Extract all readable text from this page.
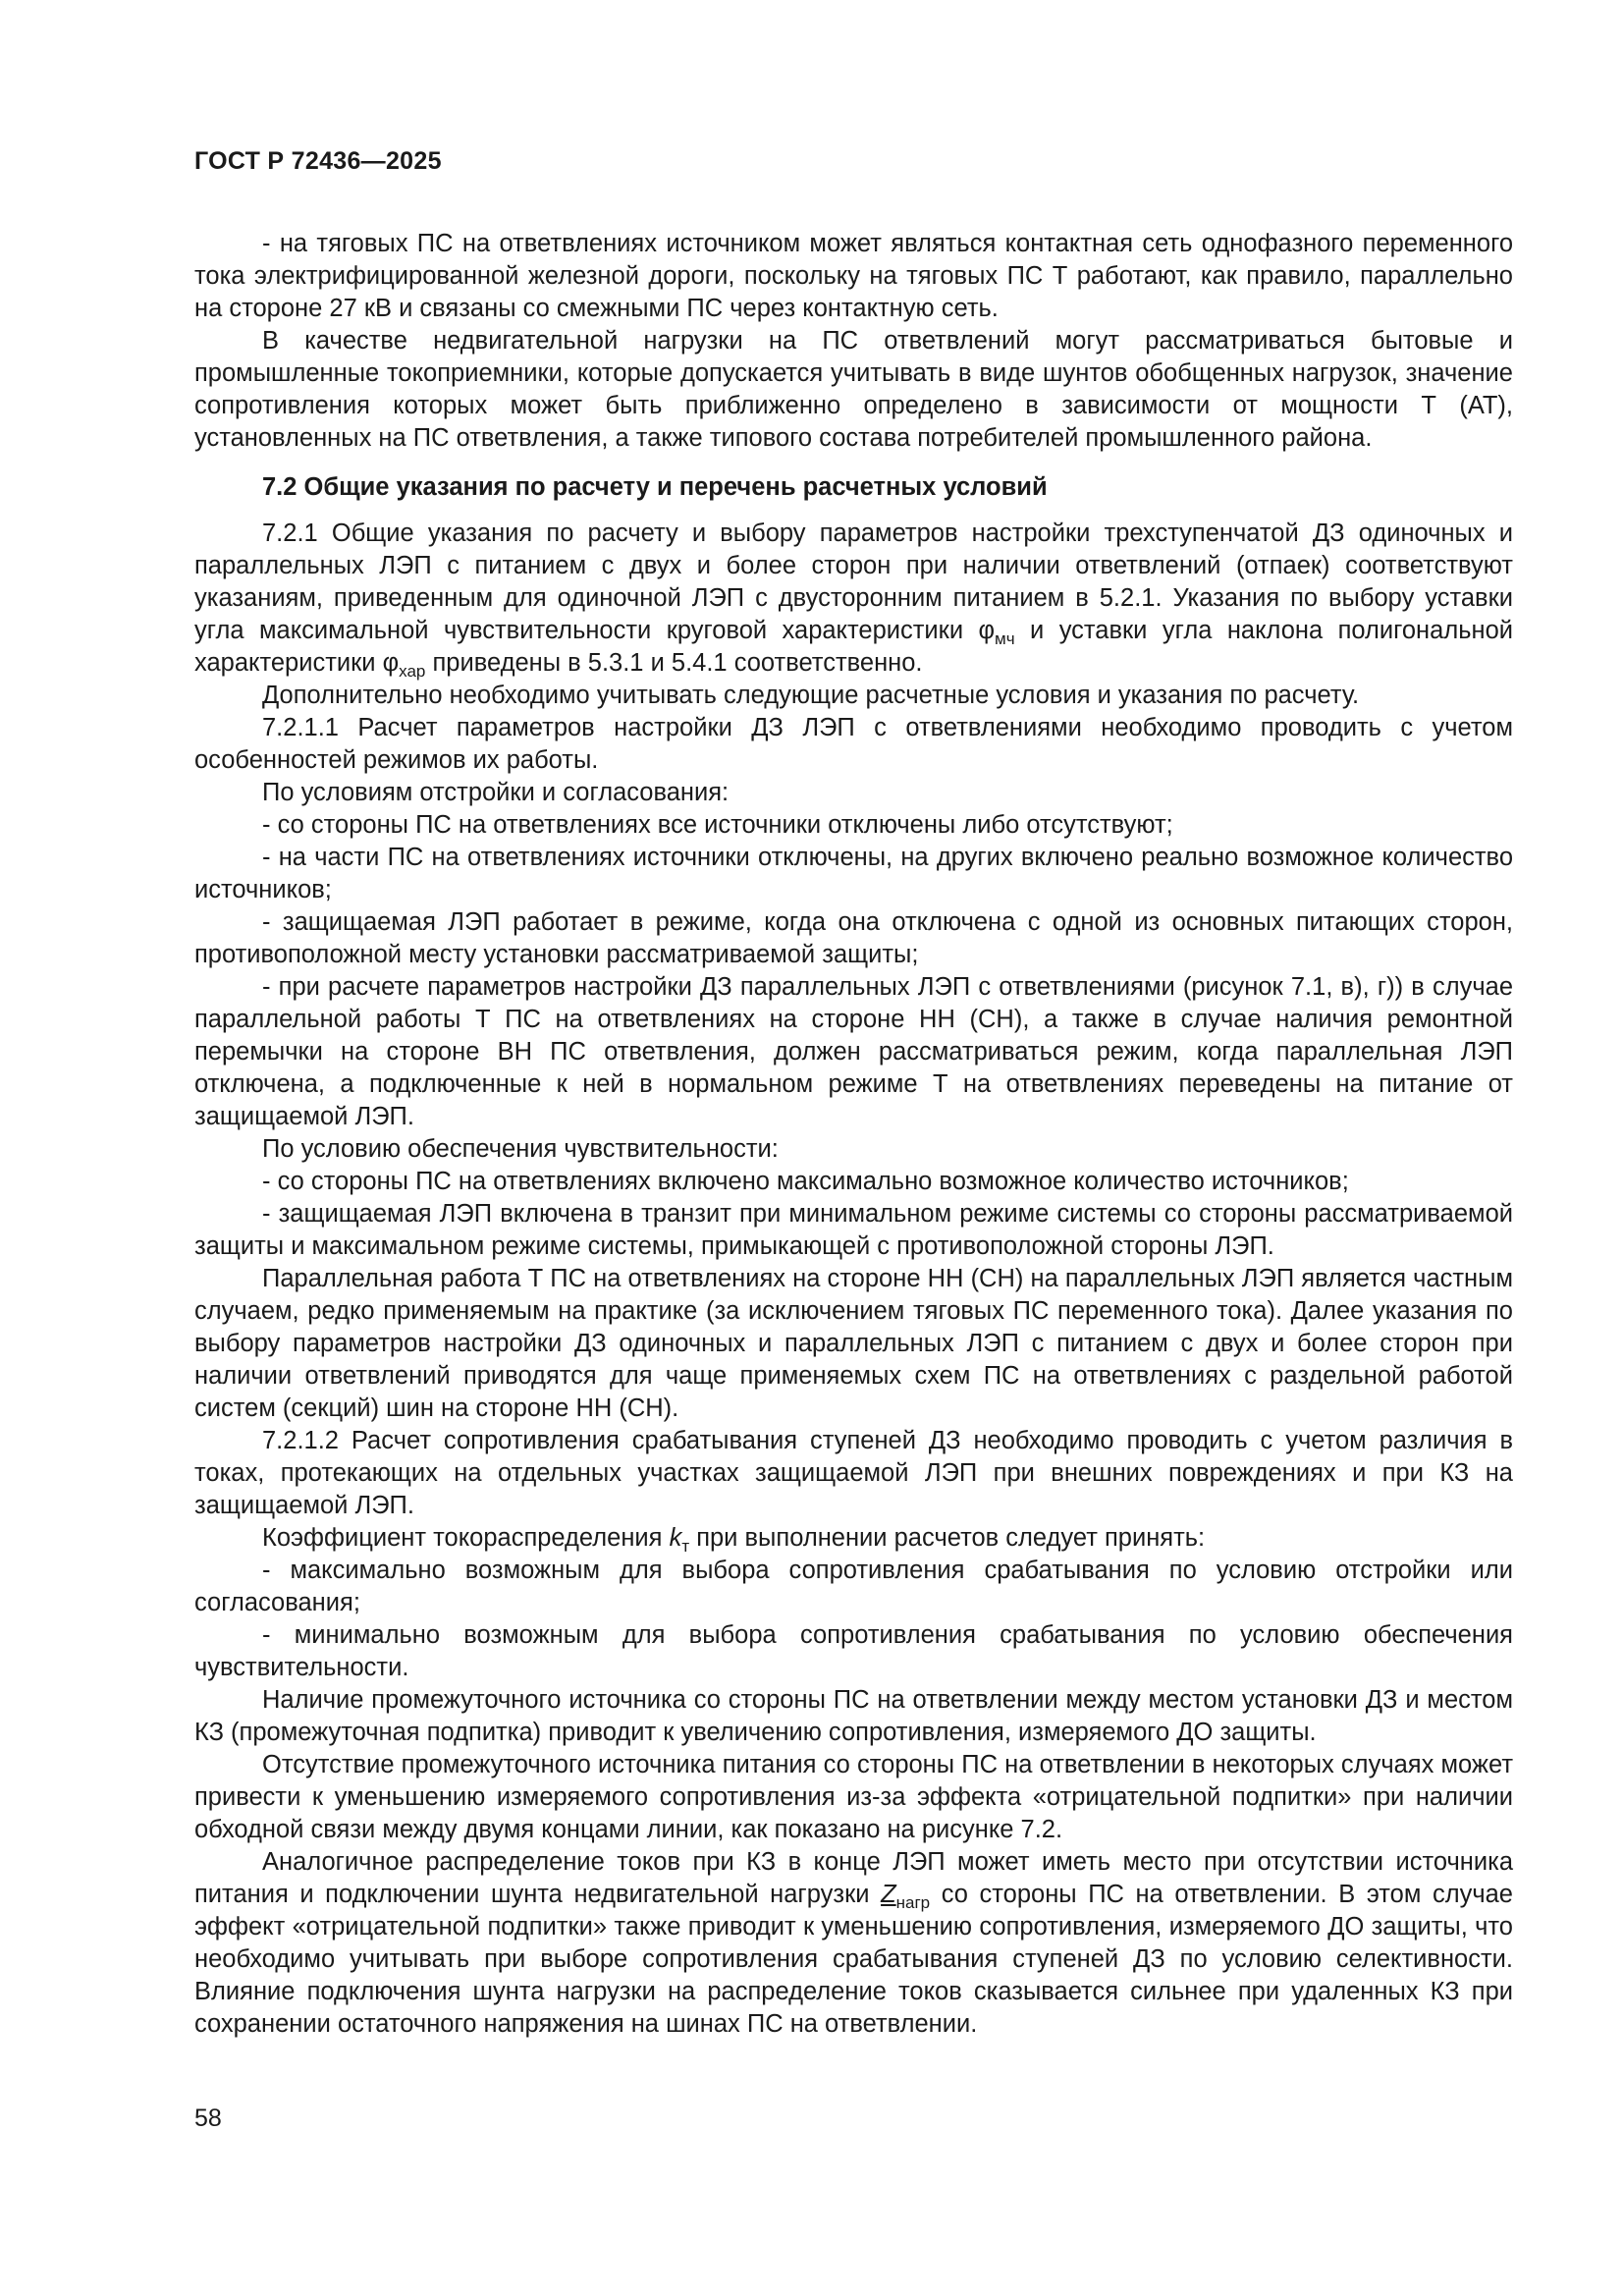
ГОСТ Р 72436—2025

- на тяговых ПС на ответвлениях источником может являться контактная сеть однофазного переменного тока электрифицированной железной дороги, поскольку на тяговых ПС Т работают, как правило, параллельно на стороне 27 кВ и связаны со смежными ПС через контактную сеть.

В качестве недвигательной нагрузки на ПС ответвлений могут рассматриваться бытовые и промышленные токоприемники, которые допускается учитывать в виде шунтов обобщенных нагрузок, значение сопротивления которых может быть приближенно определено в зависимости от мощности Т (АТ), установленных на ПС ответвления, а также типового состава потребителей промышленного района.

7.2 Общие указания по расчету и перечень расчетных условий

7.2.1 Общие указания по расчету и выбору параметров настройки трехступенчатой ДЗ одиночных и параллельных ЛЭП с питанием с двух и более сторон при наличии ответвлений (отпаек) соответствуют указаниям, приведенным для одиночной ЛЭП с двусторонним питанием в 5.2.1. Указания по выбору уставки угла максимальной чувствительности круговой характеристики $\varphi_{мч}$ и уставки угла наклона полигональной характеристики $\varphi_{хар}$ приведены в 5.3.1 и 5.4.1 соответственно.

Дополнительно необходимо учитывать следующие расчетные условия и указания по расчету.

7.2.1.1 Расчет параметров настройки ДЗ ЛЭП с ответвлениями необходимо проводить с учетом особенностей режимов их работы.

По условиям отстройки и согласования:

- со стороны ПС на ответвлениях все источники отключены либо отсутствуют;

- на части ПС на ответвлениях источники отключены, на других включено реально возможное количество источников;

- защищаемая ЛЭП работает в режиме, когда она отключена с одной из основных питающих сторон, противоположной месту установки рассматриваемой защиты;

- при расчете параметров настройки ДЗ параллельных ЛЭП с ответвлениями (рисунок 7.1, в), г)) в случае параллельной работы Т ПС на ответвлениях на стороне НН (СН), а также в случае наличия ремонтной перемычки на стороне ВН ПС ответвления, должен рассматриваться режим, когда параллельная ЛЭП отключена, а подключенные к ней в нормальном режиме Т на ответвлениях переведены на питание от защищаемой ЛЭП.

По условию обеспечения чувствительности:

- со стороны ПС на ответвлениях включено максимально возможное количество источников;

- защищаемая ЛЭП включена в транзит при минимальном режиме системы со стороны рассматриваемой защиты и максимальном режиме системы, примыкающей с противоположной стороны ЛЭП.

Параллельная работа Т ПС на ответвлениях на стороне НН (СН) на параллельных ЛЭП является частным случаем, редко применяемым на практике (за исключением тяговых ПС переменного тока). Далее указания по выбору параметров настройки ДЗ одиночных и параллельных ЛЭП с питанием с двух и более сторон при наличии ответвлений приводятся для чаще применяемых схем ПС на ответвлениях с раздельной работой систем (секций) шин на стороне НН (СН).

7.2.1.2 Расчет сопротивления срабатывания ступеней ДЗ необходимо проводить с учетом различия в токах, протекающих на отдельных участках защищаемой ЛЭП при внешних повреждениях и при КЗ на защищаемой ЛЭП.

Коэффициент токораспределения $k_т$ при выполнении расчетов следует принять:

- максимально возможным для выбора сопротивления срабатывания по условию отстройки или согласования;

- минимально возможным для выбора сопротивления срабатывания по условию обеспечения чувствительности.

Наличие промежуточного источника со стороны ПС на ответвлении между местом установки ДЗ и местом КЗ (промежуточная подпитка) приводит к увеличению сопротивления, измеряемого ДО защиты.

Отсутствие промежуточного источника питания со стороны ПС на ответвлении в некоторых случаях может привести к уменьшению измеряемого сопротивления из-за эффекта «отрицательной подпитки» при наличии обходной связи между двумя концами линии, как показано на рисунке 7.2.

Аналогичное распределение токов при КЗ в конце ЛЭП может иметь место при отсутствии источника питания и подключении шунта недвигательной нагрузки $Z_{нагр}$ со стороны ПС на ответвлении. В этом случае эффект «отрицательной подпитки» также приводит к уменьшению сопротивления, измеряемого ДО защиты, что необходимо учитывать при выборе сопротивления срабатывания ступеней ДЗ по условию селективности. Влияние подключения шунта нагрузки на распределение токов сказывается сильнее при удаленных КЗ при сохранении остаточного напряжения на шинах ПС на ответвлении.

58
